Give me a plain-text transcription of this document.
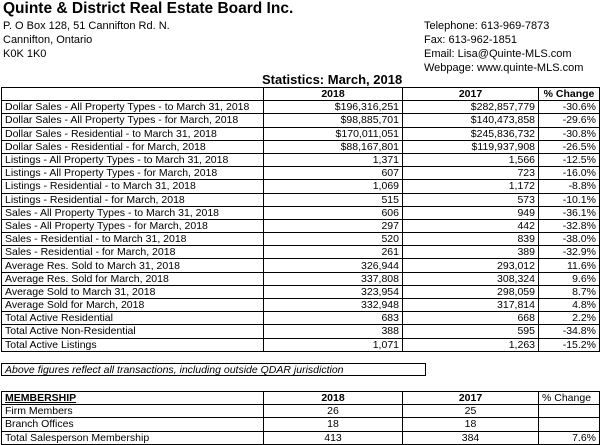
Quinte & District Real Estate Board Inc.
P. O Box 128, 51 Cannifton Rd. N.
Cannifton, Ontario
K0K 1K0
Telephone: 613-969-7873
Fax: 613-962-1851
Email: Lisa@Quinte-MLS.com
Webpage: www.quinte-MLS.com
Statistics: March, 2018
	2018	2017	% Change
Dollar Sales - All Property Types - to March 31, 2018	$196,316,251	$282,857,779	-30.6%
Dollar Sales - All Property Types - for March, 2018	$98,885,701	$140,473,858	-29.6%
Dollar Sales - Residential - to March 31, 2018	$170,011,051	$245,836,732	-30.8%
Dollar Sales - Residential - for March, 2018	$88,167,801	$119,937,908	-26.5%
Listings - All Property Types - to March 31, 2018	1,371	1,566	-12.5%
Listings - All Property Types - for March, 2018	607	723	-16.0%
Listings - Residential - to March 31, 2018	1,069	1,172	-8.8%
Listings - Residential - for March, 2018	515	573	-10.1%
Sales - All Property Types - to March 31, 2018	606	949	-36.1%
Sales - All Property Types - for March, 2018	297	442	-32.8%
Sales - Residential - to March 31, 2018	520	839	-38.0%
Sales - Residential - for March, 2018	261	389	-32.9%
Average Res. Sold to March 31, 2018	326,944	293,012	11.6%
Average Res. Sold for March, 2018	337,808	308,324	9.6%
Average Sold to March 31, 2018	323,954	298,059	8.7%
Average Sold for March, 2018	332,948	317,814	4.8%
Total Active Residential	683	668	2.2%
Total Active Non-Residential	388	595	-34.8%
Total Active Listings	1,071	1,263	-15.2%
Above figures reflect all transactions, including outside QDAR jurisdiction
MEMBERSHIP	2018	2017	% Change
Firm Members	26	25	
Branch Offices	18	18	
Total Salesperson Membership	413	384	7.6%
